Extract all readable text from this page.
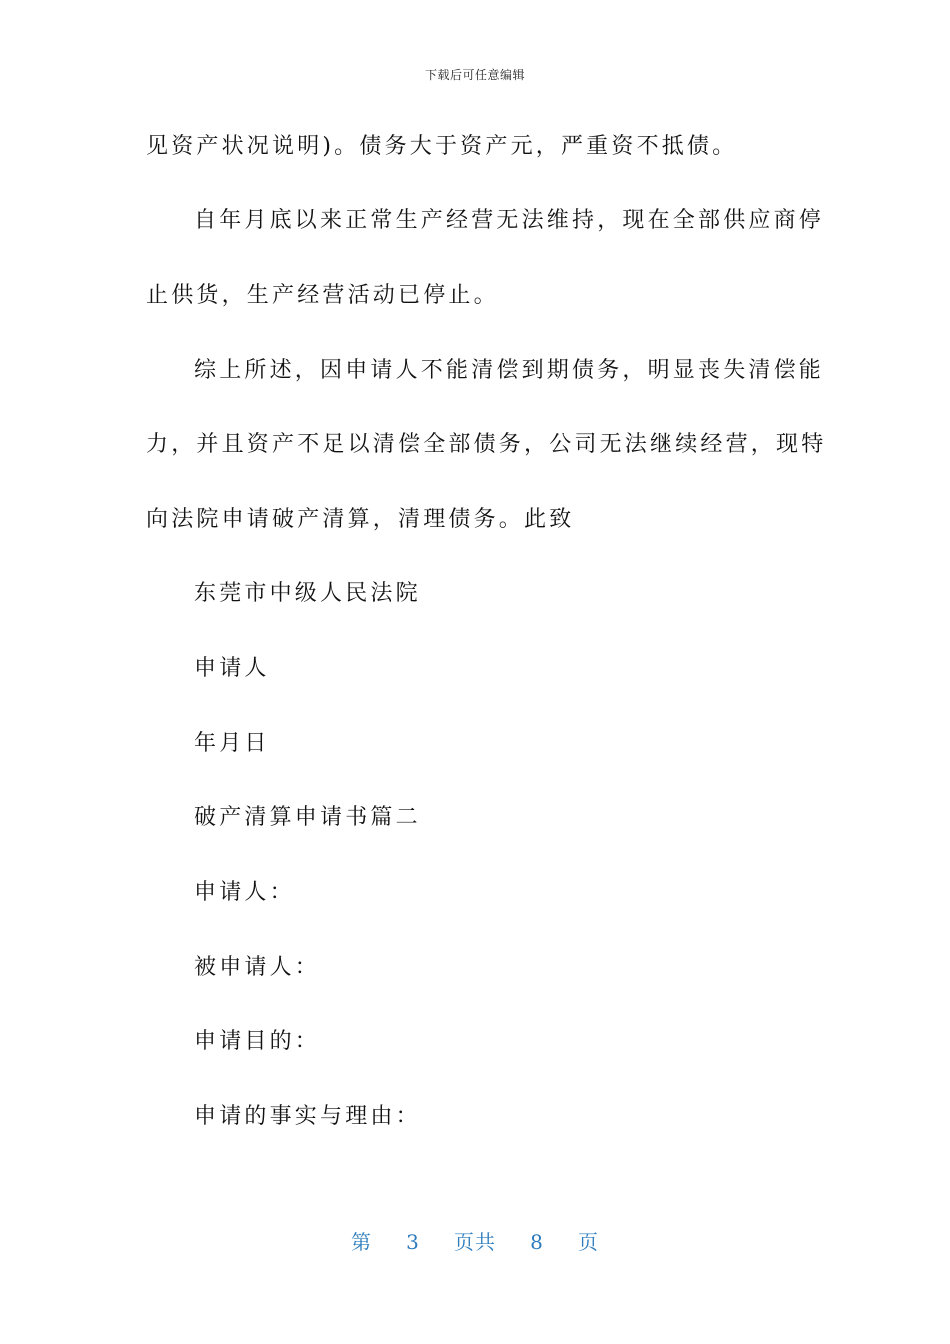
下载后可任意编辑
见资产状况说明)。债务大于资产元，严重资不抵债。
自年月底以来正常生产经营无法维持，现在全部供应商停
止供货，生产经营活动已停止。
综上所述，因申请人不能清偿到期债务，明显丧失清偿能
力，并且资产不足以清偿全部债务，公司无法继续经营，现特
向法院申请破产清算，清理债务。此致
东莞市中级人民法院
申请人
年月日
破产清算申请书篇二
申请人：
被申请人：
申请目的：
申请的事实与理由：
第 3 页共 8 页
